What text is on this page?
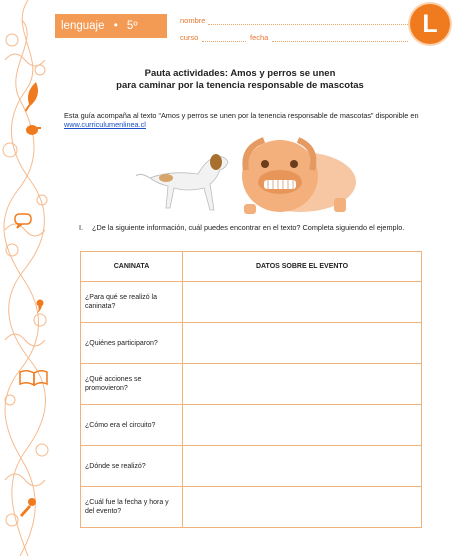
lenguaje • 5º básico
nombre
curso	fecha	L
Pauta actividades: Amos y perros se unen
para caminar por la tenencia responsable de mascotas
Esta guía acompaña al texto “Amos y perros se unen por la tenencia responsable de mascotas” disponible en www.curriculumenlinea.cl
I. ¿De la siguiente información, cuál puedes encontrar en el texto? Completa siguiendo el ejemplo.
CANINATA	DATOS SOBRE EL EVENTO
¿Para qué se realizó la caninata?	
¿Quiénes participaron?	
¿Qué acciones se promovieron?	
¿Cómo era el circuito?	
¿Dónde se realizó?	
¿Cuál fue la fecha y hora y del evento?	
